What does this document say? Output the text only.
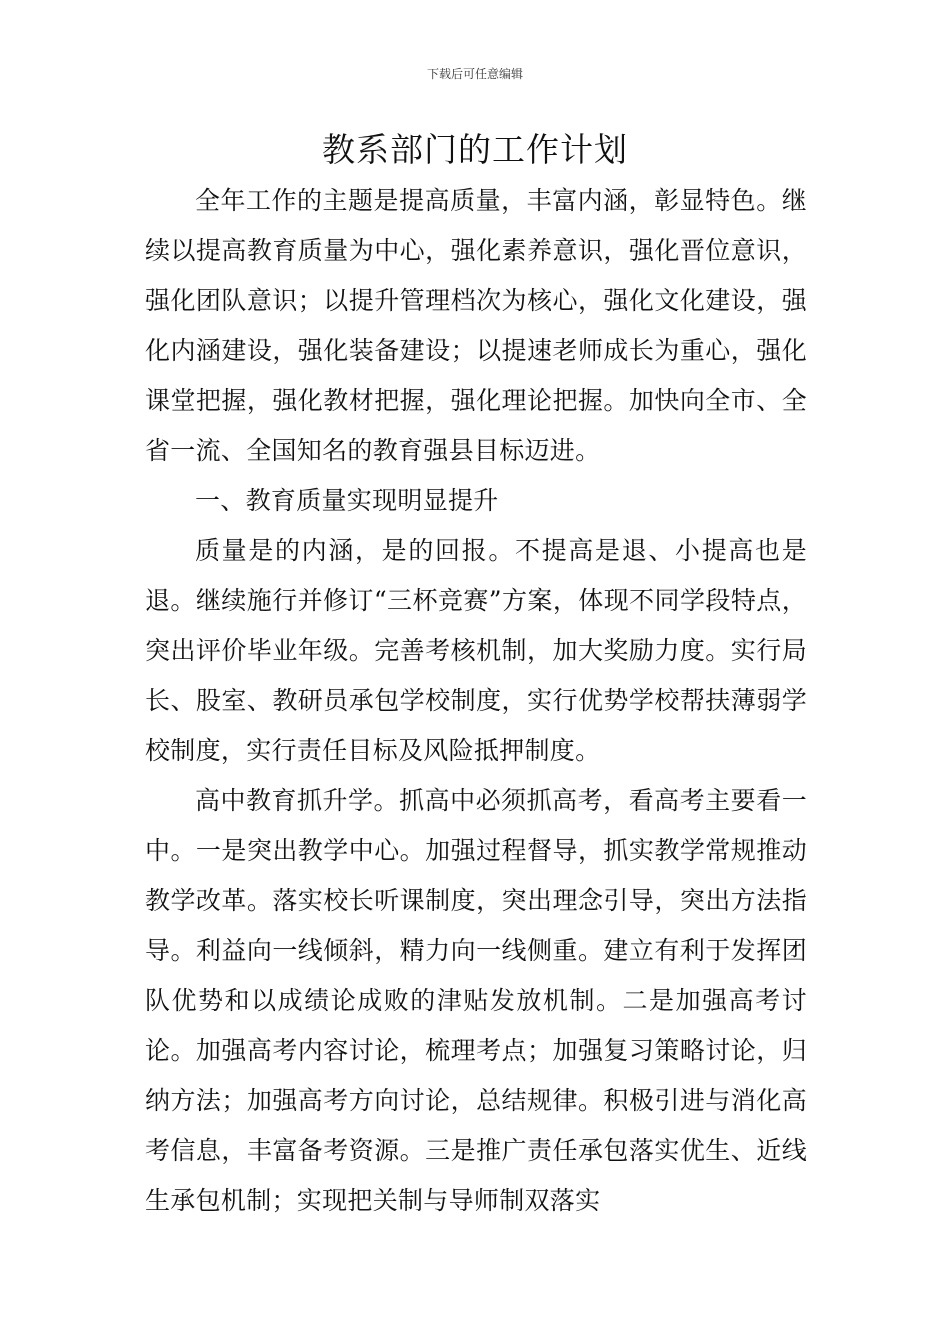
下载后可任意编辑
教系部门的工作计划

全年工作的主题是提高质量，丰富内涵，彰显特色。继续以提高教育质量为中心，强化素养意识，强化晋位意识，强化团队意识；以提升管理档次为核心，强化文化建设，强化内涵建设，强化装备建设；以提速老师成长为重心，强化课堂把握，强化教材把握，强化理论把握。加快向全市、全省一流、全国知名的教育强县目标迈进。

一、教育质量实现明显提升

质量是的内涵，是的回报。不提高是退、小提高也是退。继续施行并修订“三杯竞赛”方案，体现不同学段特点，突出评价毕业年级。完善考核机制，加大奖励力度。实行局长、股室、教研员承包学校制度，实行优势学校帮扶薄弱学校制度，实行责任目标及风险抵押制度。

高中教育抓升学。抓高中必须抓高考，看高考主要看一中。一是突出教学中心。加强过程督导，抓实教学常规推动教学改革。落实校长听课制度，突出理念引导，突出方法指导。利益向一线倾斜，精力向一线侧重。建立有利于发挥团队优势和以成绩论成败的津贴发放机制。二是加强高考讨论。加强高考内容讨论，梳理考点；加强复习策略讨论，归纳方法；加强高考方向讨论，总结规律。积极引进与消化高考信息，丰富备考资源。三是推广责任承包落实优生、近线生承包机制；实现把关制与导师制双落实
